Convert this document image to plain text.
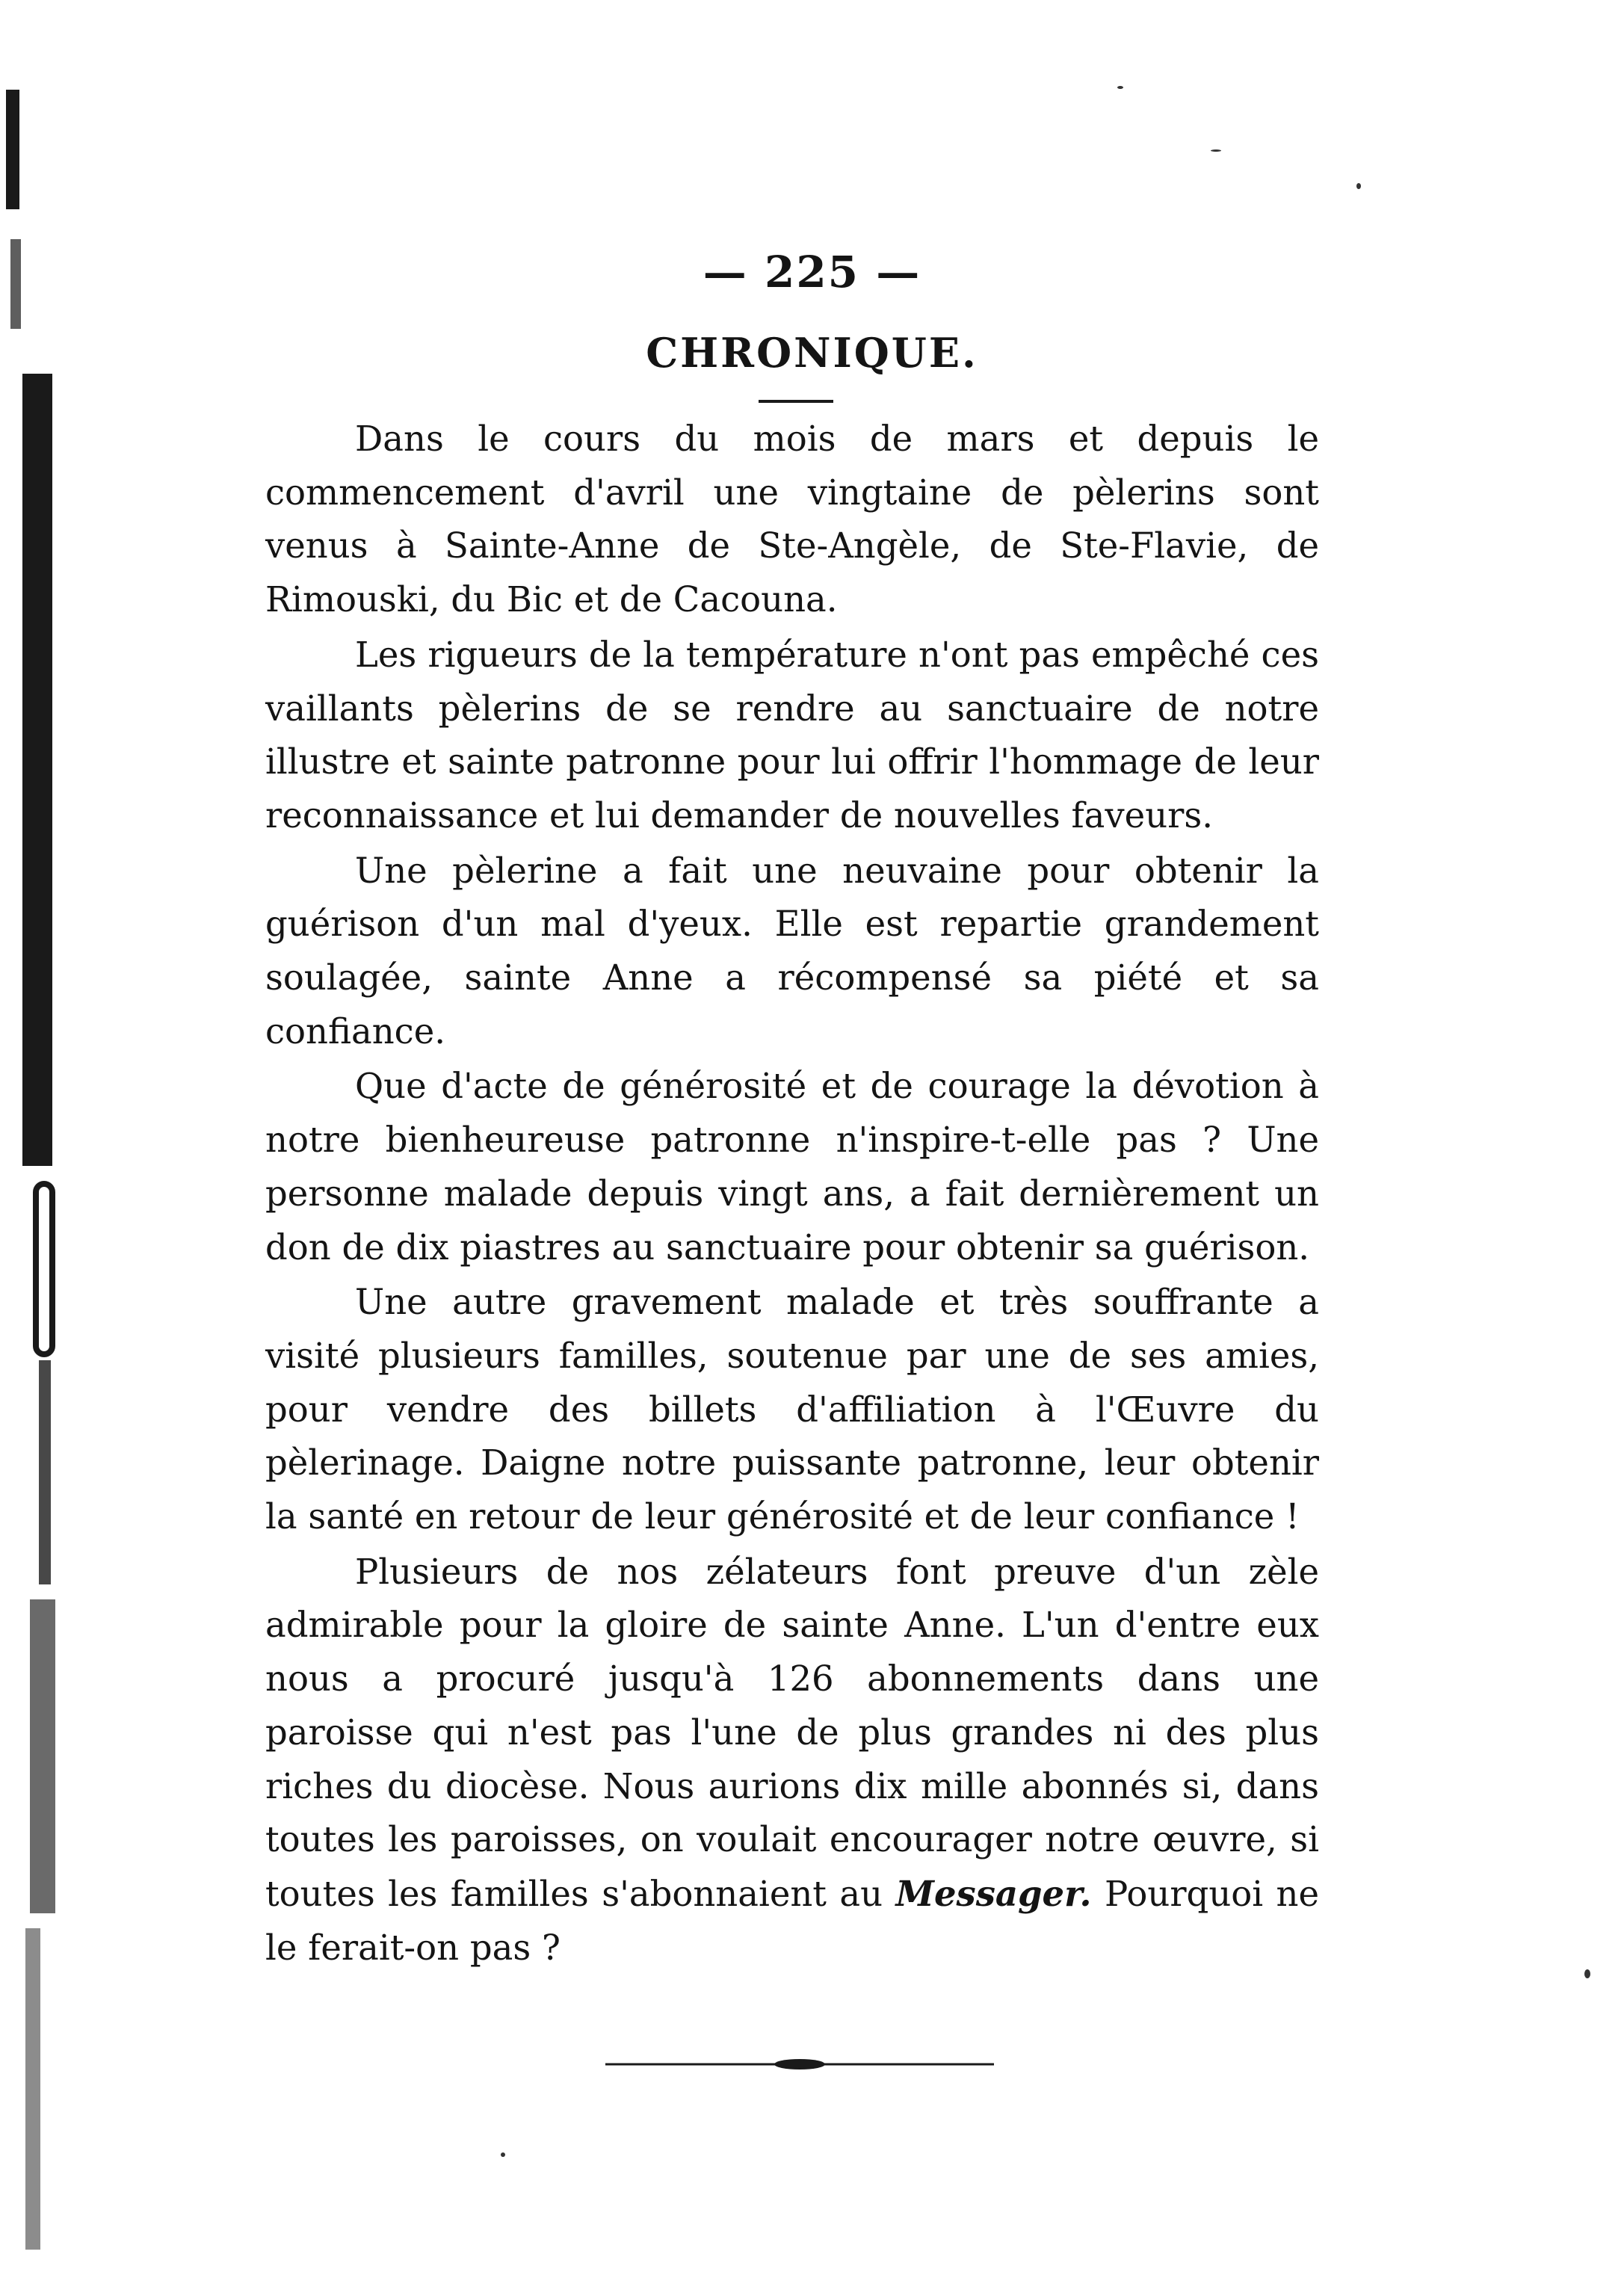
— 225 —
CHRONIQUE.

Dans le cours du mois de mars et depuis le commencement d'avril une vingtaine de pèlerins sont venus à Sainte-Anne de Ste-Angèle, de Ste-Flavie, de Rimouski, du Bic et de Cacouna.

Les rigueurs de la température n'ont pas empêché ces vaillants pèlerins de se rendre au sanctuaire de notre illustre et sainte patronne pour lui offrir l'hommage de leur reconnaissance et lui demander de nouvelles faveurs.

Une pèlerine a fait une neuvaine pour obtenir la guérison d'un mal d'yeux. Elle est repartie grandement soulagée, sainte Anne a récompensé sa piété et sa confiance.

Que d'acte de générosité et de courage la dévotion à notre bienheureuse patronne n'inspire-t-elle pas ? Une personne malade depuis vingt ans, a fait dernièrement un don de dix piastres au sanctuaire pour obtenir sa guérison.

Une autre gravement malade et très souffrante a visité plusieurs familles, soutenue par une de ses amies, pour vendre des billets d'affiliation à l'Œuvre du pèlerinage. Daigne notre puissante patronne, leur obtenir la santé en retour de leur générosité et de leur confiance !

Plusieurs de nos zélateurs font preuve d'un zèle admirable pour la gloire de sainte Anne. L'un d'entre eux nous a procuré jusqu'à 126 abonnements dans une paroisse qui n'est pas l'une de plus grandes ni des plus riches du diocèse. Nous aurions dix mille abonnés si, dans toutes les paroisses, on voulait encourager notre œuvre, si toutes les familles s'abonnaient au Messager. Pourquoi ne le ferait-on pas ?
